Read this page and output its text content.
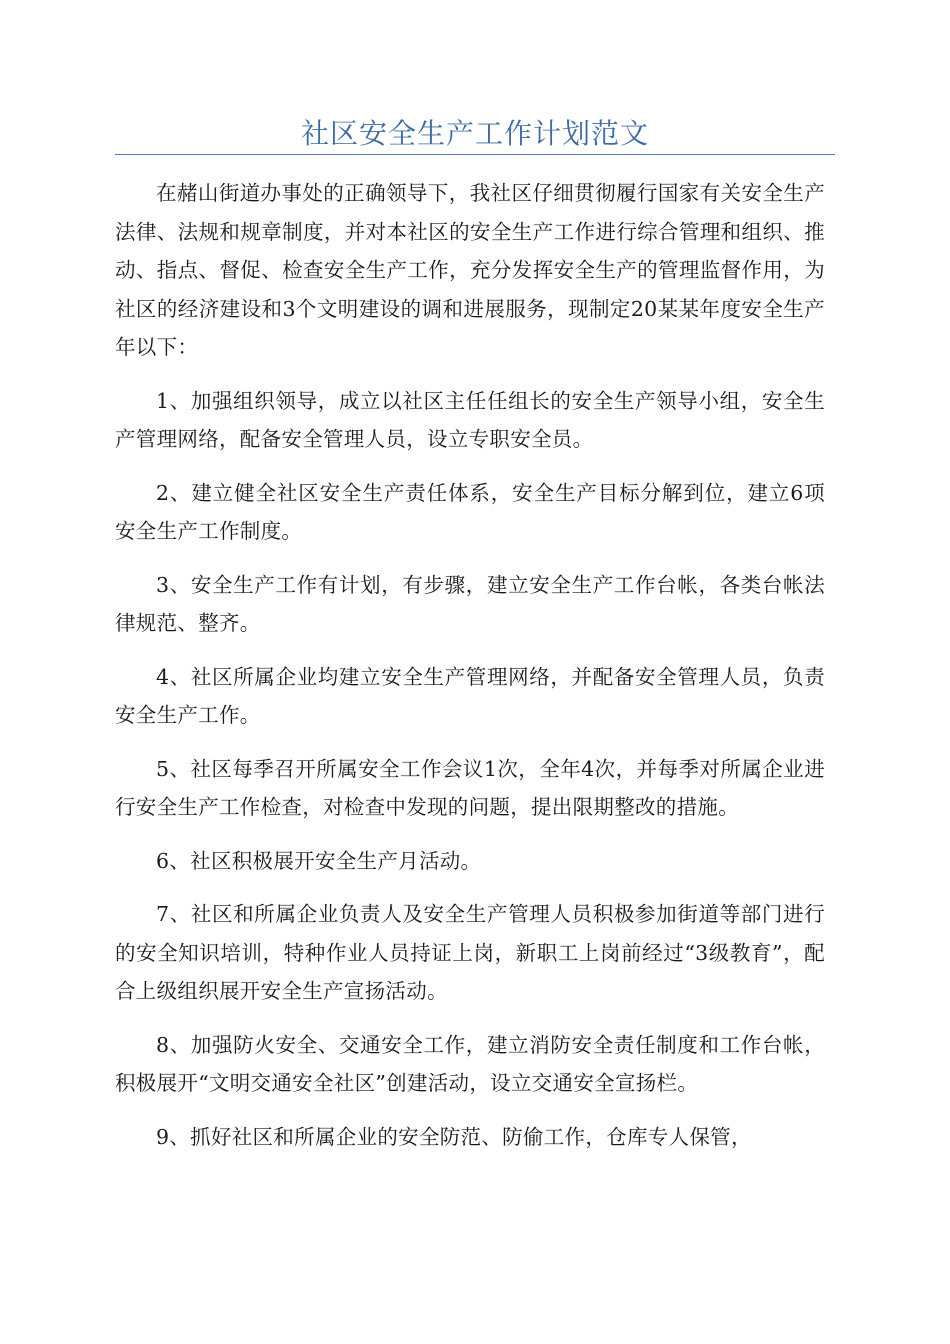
社区安全生产工作计划范文

在赭山街道办事处的正确领导下，我社区仔细贯彻履行国家有关安全生产法律、法规和规章制度，并对本社区的安全生产工作进行综合管理和组织、推动、指点、督促、检查安全生产工作，充分发挥安全生产的管理监督作用，为社区的经济建设和3个文明建设的调和进展服务，现制定20某某年度安全生产年以下：

1、加强组织领导，成立以社区主任任组长的安全生产领导小组，安全生产管理网络，配备安全管理人员，设立专职安全员。

2、建立健全社区安全生产责任体系，安全生产目标分解到位，建立6项安全生产工作制度。

3、安全生产工作有计划，有步骤，建立安全生产工作台帐，各类台帐法律规范、整齐。

4、社区所属企业均建立安全生产管理网络，并配备安全管理人员，负责安全生产工作。

5、社区每季召开所属安全工作会议1次，全年4次，并每季对所属企业进行安全生产工作检查，对检查中发现的问题，提出限期整改的措施。

6、社区积极展开安全生产月活动。

7、社区和所属企业负责人及安全生产管理人员积极参加街道等部门进行的安全知识培训，特种作业人员持证上岗，新职工上岗前经过“3级教育”，配合上级组织展开安全生产宣扬活动。

8、加强防火安全、交通安全工作，建立消防安全责任制度和工作台帐，积极展开“文明交通安全社区”创建活动，设立交通安全宣扬栏。

9、抓好社区和所属企业的安全防范、防偷工作，仓库专人保管，
